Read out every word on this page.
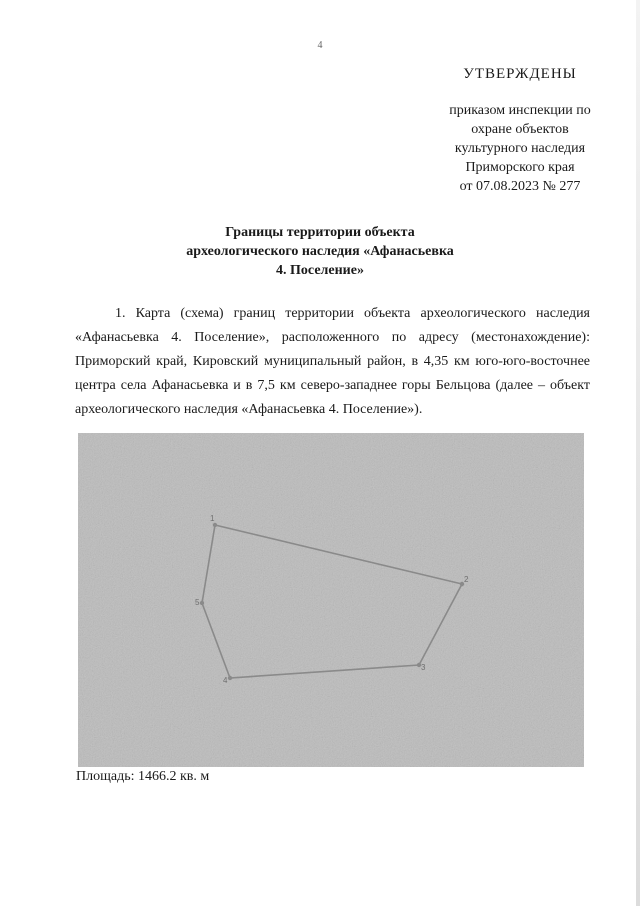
4
УТВЕРЖДЕНЫ
приказом инспекции по
охране объектов
культурного наследия
Приморского края
от 07.08.2023 № 277
Границы территории объекта
археологического наследия «Афанасьевка
4. Поселение»
1. Карта (схема) границ территории объекта археологического наследия «Афанасьевка 4. Поселение», расположенного по адресу (местонахождение): Приморский край, Кировский муниципальный район, в 4,35 км юго-юго-восточнее центра села Афанасьевка и в 7,5 км северо-западнее горы Бельцова (далее – объект археологического наследия «Афанасьевка 4. Поселение»).
1
2
3
4
5
Площадь: 1466.2 кв. м
